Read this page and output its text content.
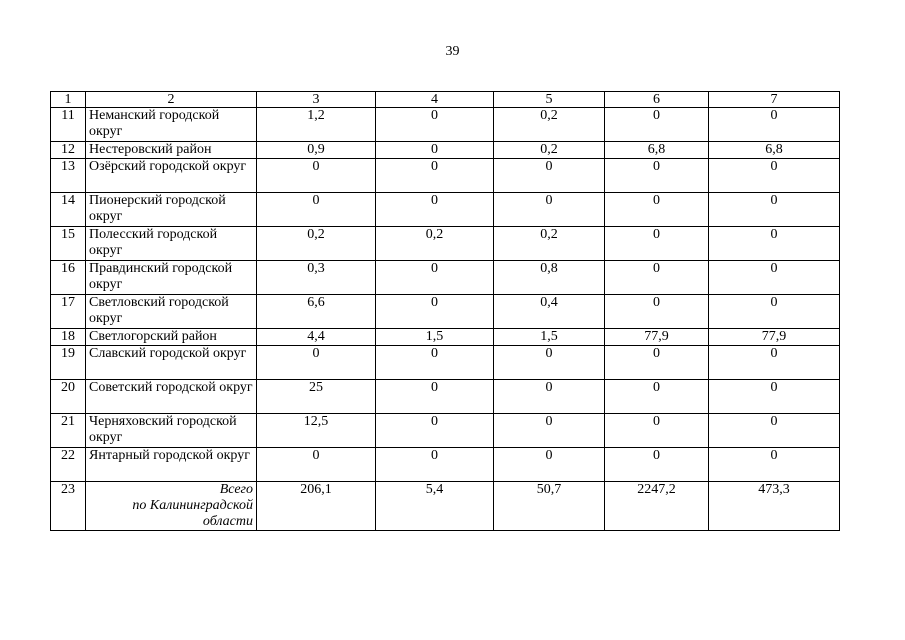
39
1	2	3	4	5	6	7
11	Неманский городской округ	1,2	0	0,2	0	0
12	Нестеровский район	0,9	0	0,2	6,8	6,8
13	Озёрский городской округ	0	0	0	0	0
14	Пионерский городской округ	0	0	0	0	0
15	Полесский городской округ	0,2	0,2	0,2	0	0
16	Правдинский городской округ	0,3	0	0,8	0	0
17	Светловский городской округ	6,6	0	0,4	0	0
18	Светлогорский район	4,4	1,5	1,5	77,9	77,9
19	Славский городской округ	0	0	0	0	0
20	Советский городской округ	25	0	0	0	0
21	Черняховский городской округ	12,5	0	0	0	0
22	Янтарный городской округ	0	0	0	0	0
23	Всего
по Калининградской
области	206,1	5,4	50,7	2247,2	473,3
